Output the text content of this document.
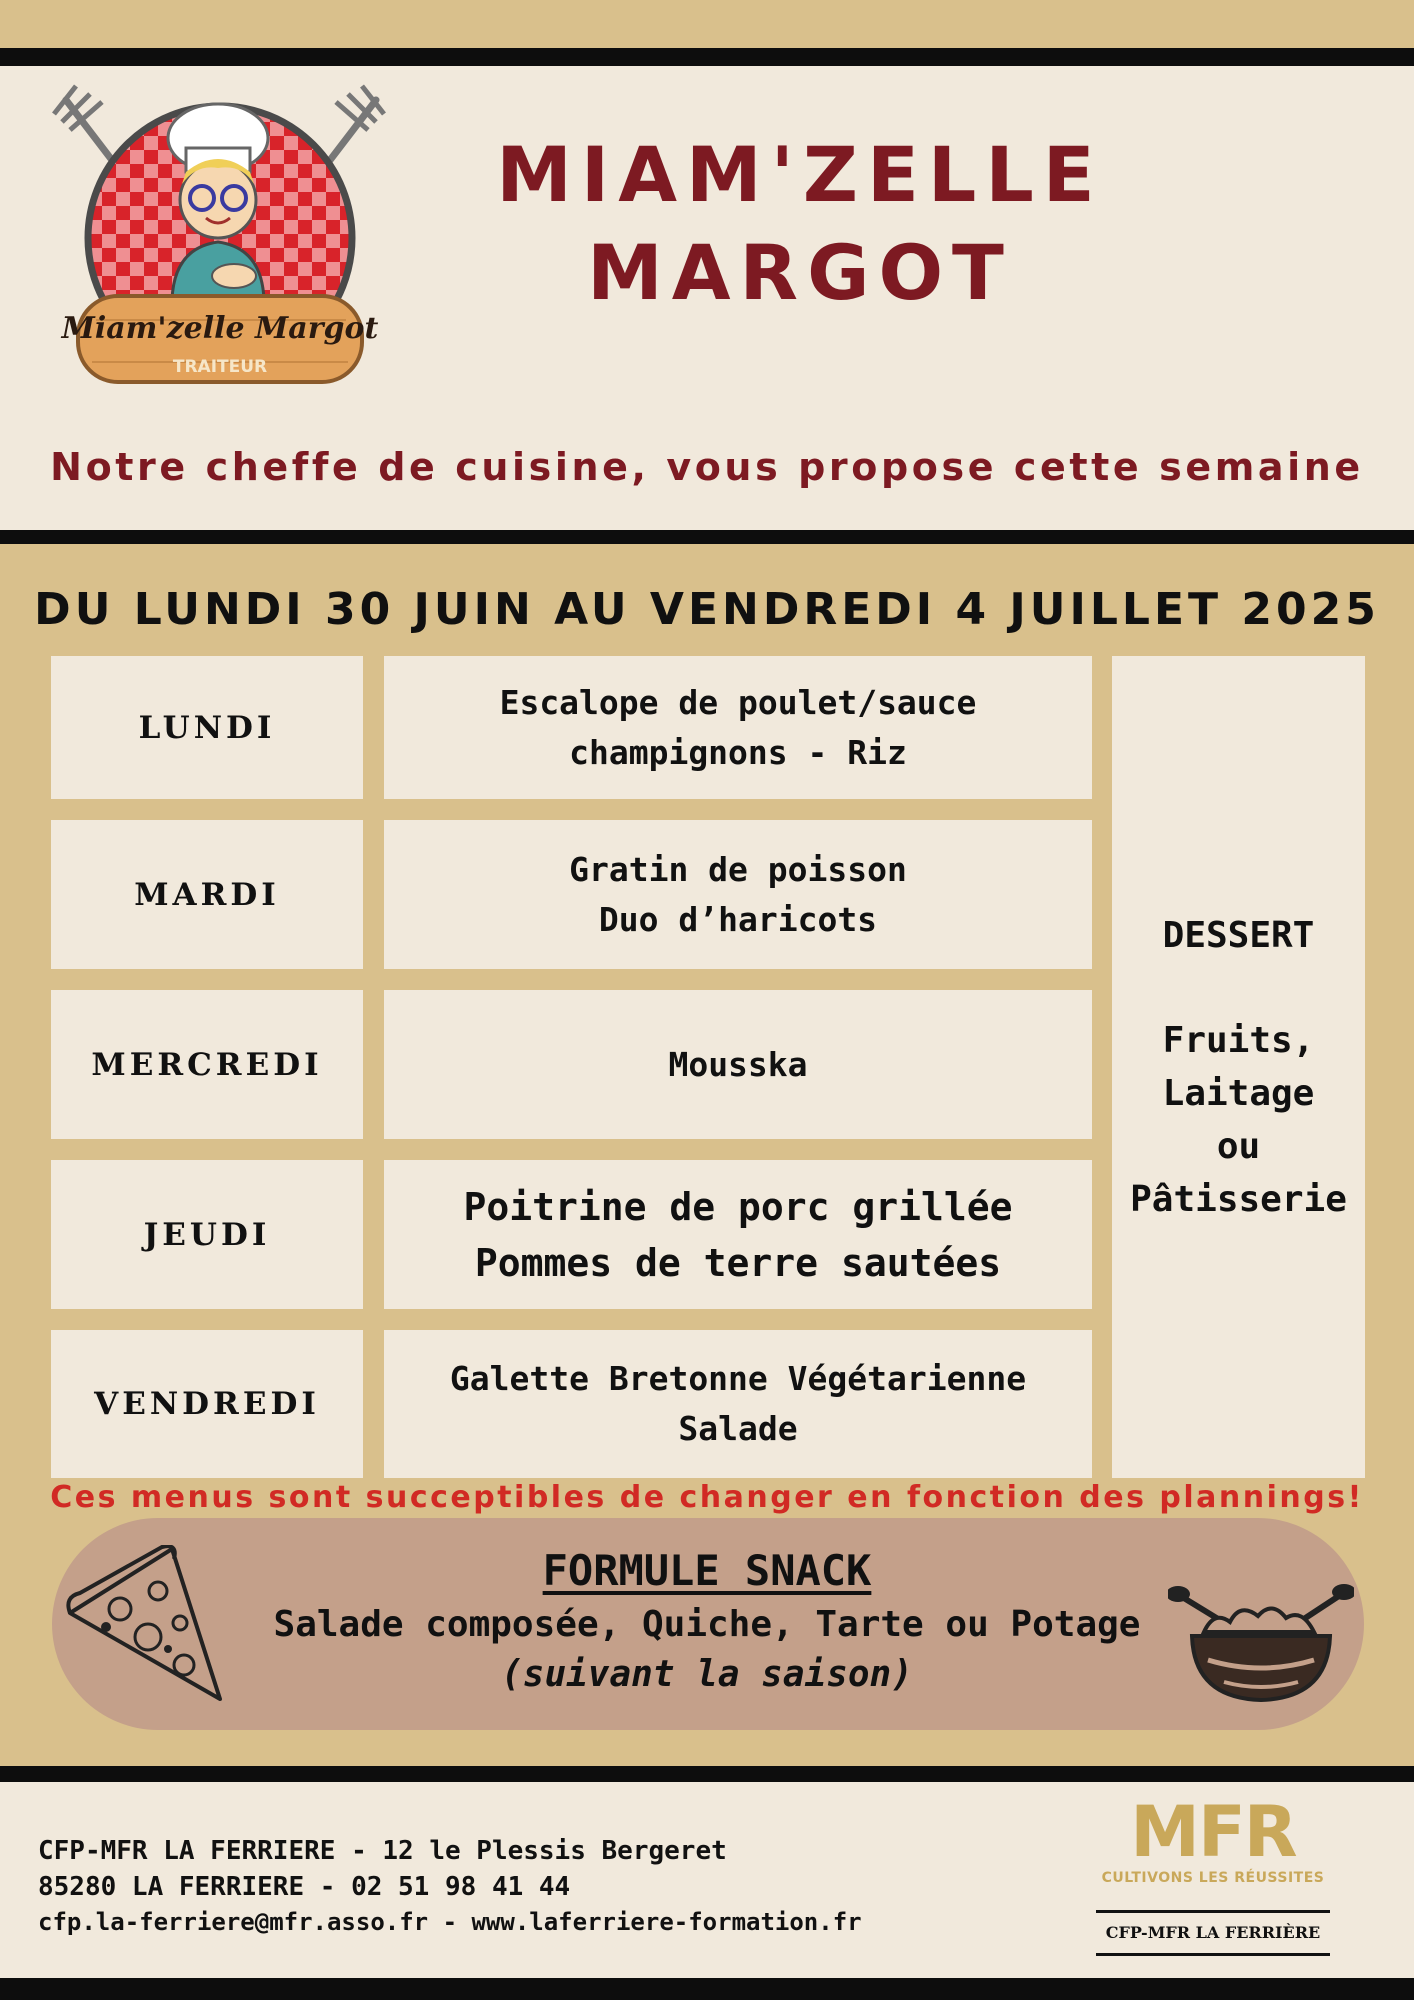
Miam'zelle Margot
TRAITEUR
MIAM'ZELLE
MARGOT
Notre cheffe de cuisine, vous propose cette semaine
DU LUNDI 30 JUIN AU VENDREDI 4 JUILLET 2025
LUNDI
Escalope de poulet/sauce
champignons - Riz
MARDI
Gratin de poisson
Duo d’haricots
MERCREDI	Mousska
JEUDI
Poitrine de porc grillée
Pommes de terre sautées
VENDREDI
Galette Bretonne Végétarienne
Salade
DESSERT
Fruits,
Laitage
ou
Pâtisserie
Ces menus sont succeptibles de changer en fonction des plannings!
FORMULE SNACK
Salade composée, Quiche, Tarte ou Potage
(suivant la saison)
CFP-MFR LA FERRIERE - 12 le Plessis Bergeret
85280 LA FERRIERE - 02 51 98 41 44
cfp.la-ferriere@mfr.asso.fr - www.laferriere-formation.fr
MFR
CULTIVONS LES RÉUSSITES
CFP-MFR LA FERRIÈRE
